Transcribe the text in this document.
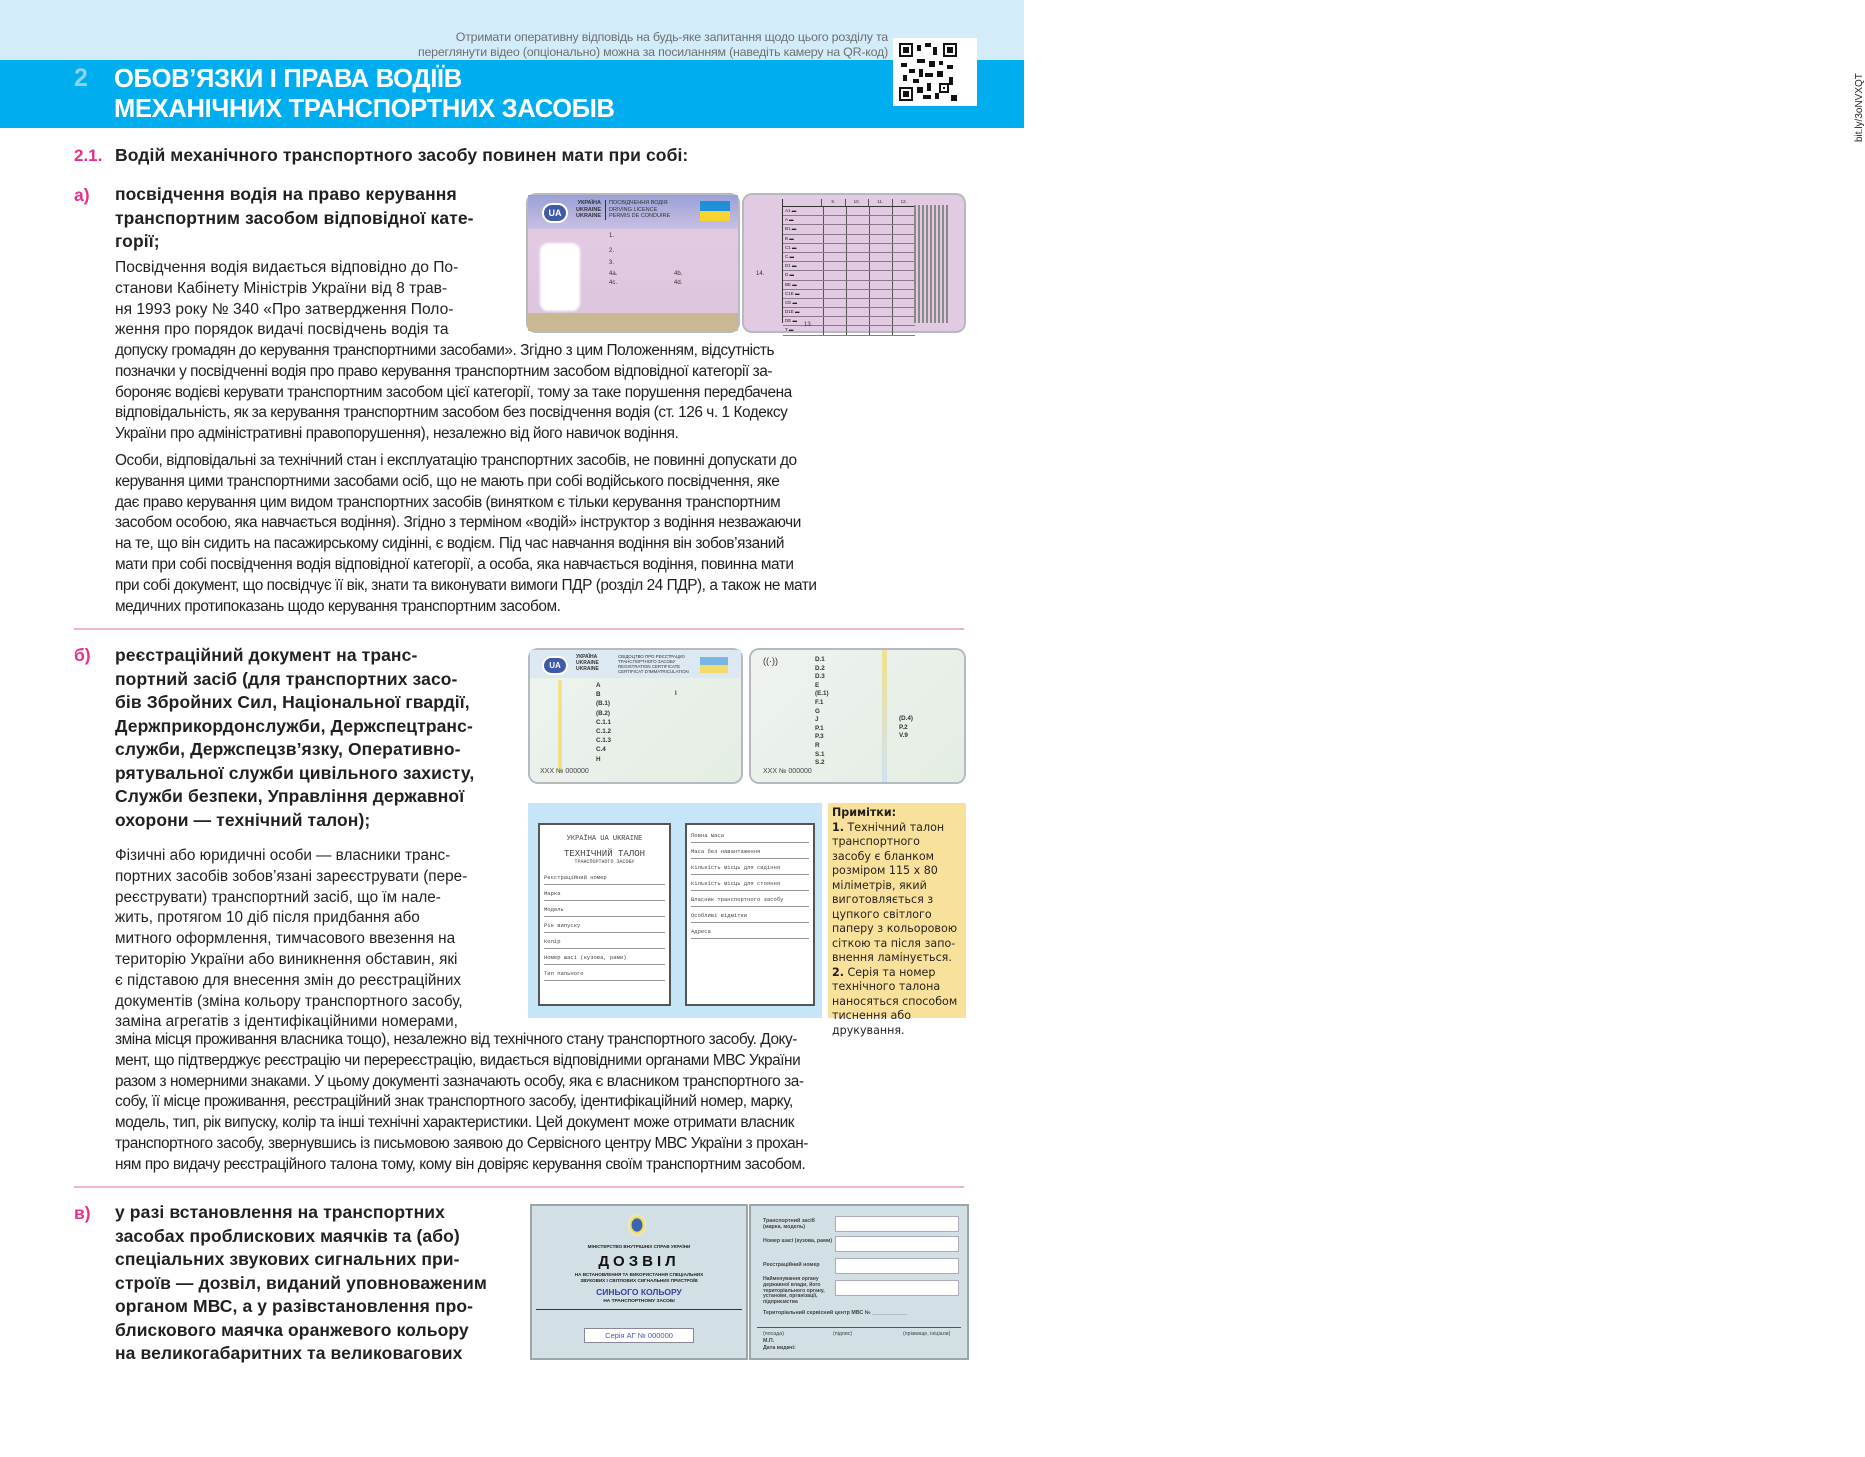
Отримати оперативну відповідь на будь-яке запитання щодо цього розділу та
переглянути відео (опціонально) можна за посиланням (наведіть камеру на QR-код)
2 ОБОВ’ЯЗКИ І ПРАВА ВОДІЇВ
МЕХАНІЧНИХ ТРАНСПОРТНИХ ЗАСОБІВ	bit.ly/3oNVXQT
2.1. Водій механічного транспортного засобу повинен мати при собі:
а) посвідчення водія на право керування
транспортним засобом відповідної кате-
горії;
Посвідчення водія видається відповідно до По-
станови Кабінету Міністрів України від 8 трав-
ня 1993 року № 340 «Про затвердження Поло-
ження про порядок видачі посвідчень водія та
допуску громадян до керування транспортними засобами». Згідно з цим Положенням, відсутність
позначки у посвідченні водія про право керування транспортним засобом відповідної категорії за-
бороняє водієві керувати транспортним засобом цієї категорії, тому за таке порушення передбачена
відповідальність, як за керування транспортним засобом без посвідчення водія (ст. 126 ч. 1 Кодексу
України про адміністративні правопорушення), незалежно від його навичок водіння.
Особи, відповідальні за технічний стан і експлуатацію транспортних засобів, не повинні допускати до
керування цими транспортними засобами осіб, що не мають при собі водійського посвідчення, яке
дає право керування цим видом транспортних засобів (винятком є тільки керування транспортним
засобом особою, яка навчається водіння). Згідно з терміном «водій» інструктор з водіння незважаючи
на те, що він сидить на пасажирському сидінні, є водієм. Під час навчання водіння він зобов’язаний
мати при собі посвідчення водія відповідної категорії, а особа, яка навчається водіння, повинна мати
при собі документ, що посвідчує її вік, знати та виконувати вимоги ПДР (розділ 24 ПДР), а також не мати
медичних протипоказань щодо керування транспортним засобом.
UA
УКРАЇНА
UKRAINE
UKRAINE
ПОСВІДЧЕННЯ ВОДІЯ
DRIVING LICENCE
PERMIS DE CONDUIRE
1.
2.
3.
4a.
4c.
4b.
4d.
9.	10.	11.	12.
A1 ▬
A ▬
B1 ▬
B ▬
C1 ▬
C ▬
D1 ▬
D ▬
BE ▬
C1E ▬
CE ▬
D1E ▬
DE ▬
T ▬
14.
13.
б) реєстраційний документ на транс-
портний засіб (для транспортних засо-
бів Збройних Сил, Національної гвардії,
Держприкордонслужби, Держспецтранс-
служби, Держспецзв’язку, Оперативно-
рятувальної служби цивільного захисту,
Служби безпеки, Управління державної
охорони — технічний талон);
Фізичні або юридичні особи — власники транс-
портних засобів зобов’язані зареєструвати (пере-
реєструвати) транспортний засіб, що їм нале-
жить, протягом 10 діб після придбання або
митного оформлення, тимчасового ввезення на
територію України або виникнення обставин, які
є підставою для внесення змін до реєстраційних
документів (зміна кольору транспортного засобу,
заміна агрегатів з ідентифікаційними номерами,
зміна місця проживання власника тощо), незалежно від технічного стану транспортного засобу. Доку-
мент, що підтверджує реєстрацію чи перереєстрацію, видається відповідними органами МВС України
разом з номерними знаками. У цьому документі зазначають особу, яка є власником транспортного за-
собу, її місце проживання, реєстраційний знак транспортного засобу, ідентифікаційний номер, марку,
модель, тип, рік випуску, колір та інші технічні характеристики. Цей документ може отримати власник
транспортного засобу, звернувшись із письмовою заявою до Сервісного центру МВС України з прохан-
ням про видачу реєстраційного талона тому, кому він довіряє керування своїм транспортним засобом.
UA
УКРАЇНА
UKRAINE
UKRAINE
СВІДОЦТВО ПРО РЕЄСТРАЦІЮ
ТРАНСПОРТНОГО ЗАСОБУ
REGISTRATION CERTIFICATE
CERTIFICAT D'IMMATRICULATION
A
B
(B.1)
(B.2)
C.1.1
C.1.2
C.1.3
C.4
H
I
XXX № 000000
((·))	D.1
D.2
D.3
E
(E.1)
F.1
G
J
P.1
P.3
R
S.1
S.2
(D.4)
P.2
V.9
XXX № 000000
УКРАЇНА UA UKRAINE
ТЕХНІЧНИЙ ТАЛОН
ТРАНСПОРТНОГО ЗАСОБУ
Реєстраційний номер
Марка
Модель
Рік випуску
Колір
Номер шасі (кузова, рами)
Тип пального
Повна маса
Маса без навантаження
Кількість місць для сидіння
Кількість місць для стояння
Власник транспортного засобу
Особливі відмітки
Адреса
Примітки:
1. Технічний талон транспортного засобу є бланком розміром 115 x 80 міліметрів, який виготовляється з цупкого світлого паперу з кольоровою сіткою та після запо-внення ламінується.
2. Серія та номер технічного талона наносяться способом тиснення або друкування.
в) у разі встановлення на транспортних
засобах проблискових маячків та (або)
спеціальних звукових сигнальних при-
строїв — дозвіл, виданий уповноваженим
органом МВС, а у разівстановлення про-
блискового маячка оранжевого кольору
на великогабаритних та великовагових
МІНІСТЕРСТВО ВНУТРІШНІХ СПРАВ УКРАЇНИ
ДОЗВІЛ
НА ВСТАНОВЛЕННЯ ТА ВИКОРИСТАННЯ СПЕЦІАЛЬНИХ
ЗВУКОВИХ І СВІТЛОВИХ СИГНАЛЬНИХ ПРИСТРОЇВ
СИНЬОГО КОЛЬОРУ
НА ТРАНСПОРТНОМУ ЗАСОБІ
Серія АГ № 000000
Транспортний засіб (марка, модель)
Номер шасі (кузова, рами)
Реєстраційний номер
Найменування органу державної влади, його територіального органу, установи, організації, підприємства
Територіальний сервісний центр МВС № ____________
(посада)	(підпис)	(прізвище, ініціали)
М.П.
Дата видачі:
